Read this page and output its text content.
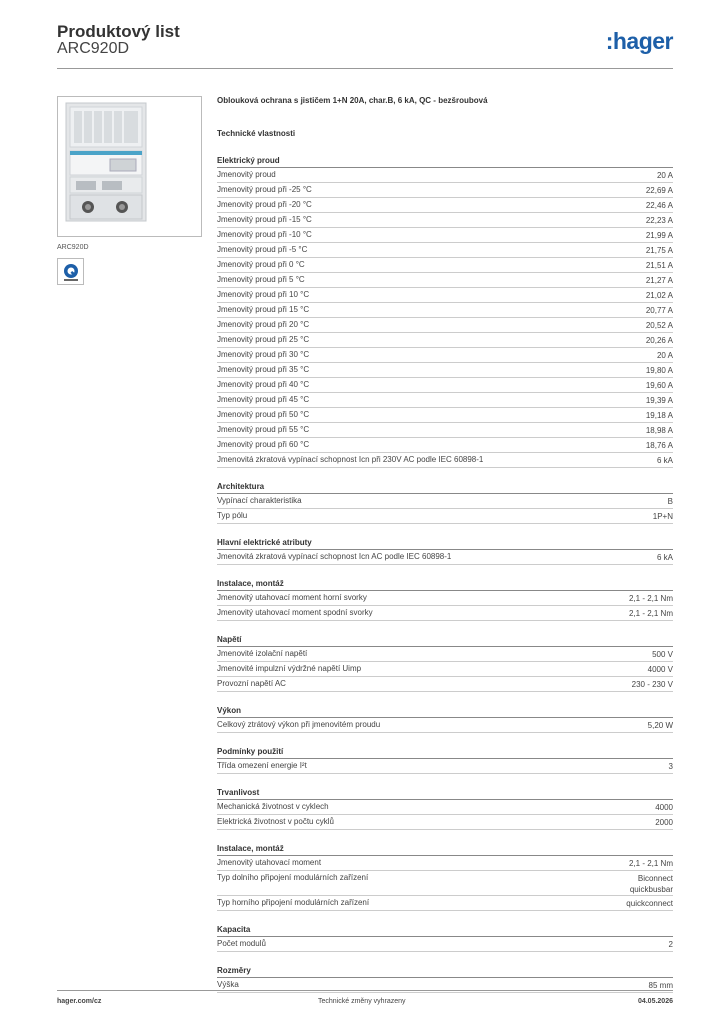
Produktový list
ARC920D	:hager
ARC920D
Oblouková ochrana s jističem 1+N 20A, char.B, 6 kA, QC - bezšroubová
Technické vlastnosti
Elektrický proud
Jmenovitý proud	20 A
Jmenovitý proud při -25 °C	22,69 A
Jmenovitý proud při -20 °C	22,46 A
Jmenovitý proud při -15 °C	22,23 A
Jmenovitý proud při -10 °C	21,99 A
Jmenovitý proud při -5 °C	21,75 A
Jmenovitý proud při 0 °C	21,51 A
Jmenovitý proud při 5 °C	21,27 A
Jmenovitý proud při 10 °C	21,02 A
Jmenovitý proud při 15 °C	20,77 A
Jmenovitý proud při 20 °C	20,52 A
Jmenovitý proud při 25 °C	20,26 A
Jmenovitý proud při 30 °C	20 A
Jmenovitý proud při 35 °C	19,80 A
Jmenovitý proud při 40 °C	19,60 A
Jmenovitý proud při 45 °C	19,39 A
Jmenovitý proud při 50 °C	19,18 A
Jmenovitý proud při 55 °C	18,98 A
Jmenovitý proud při 60 °C	18,76 A
Jmenovitá zkratová vypínací schopnost Icn při 230V AC podle IEC 60898-1	6 kA
Architektura
Vypínací charakteristika	B
Typ pólu	1P+N
Hlavní elektrické atributy
Jmenovitá zkratová vypínací schopnost Icn AC podle IEC 60898-1	6 kA
Instalace, montáž
Jmenovitý utahovací moment horní svorky	2,1 - 2,1 Nm
Jmenovitý utahovací moment spodní svorky	2,1 - 2,1 Nm
Napětí
Jmenovité izolační napětí	500 V
Jmenovité impulzní výdržné napětí Uimp	4000 V
Provozní napětí AC	230 - 230 V
Výkon
Celkový ztrátový výkon při jmenovitém proudu	5,20 W
Podmínky použití
Třída omezení energie I²t	3
Trvanlivost
Mechanická životnost v cyklech	4000
Elektrická životnost v počtu cyklů	2000
Instalace, montáž
Jmenovitý utahovací moment	2,1 - 2,1 Nm
Typ dolního připojení modulárních zařízení	Biconnect
quickbusbar
Typ horního připojení modulárních zařízení	quickconnect
Kapacita
Počet modulů	2
Rozměry
Výška	85 mm
hager.com/cz	Technické změny vyhrazeny	04.05.2026
